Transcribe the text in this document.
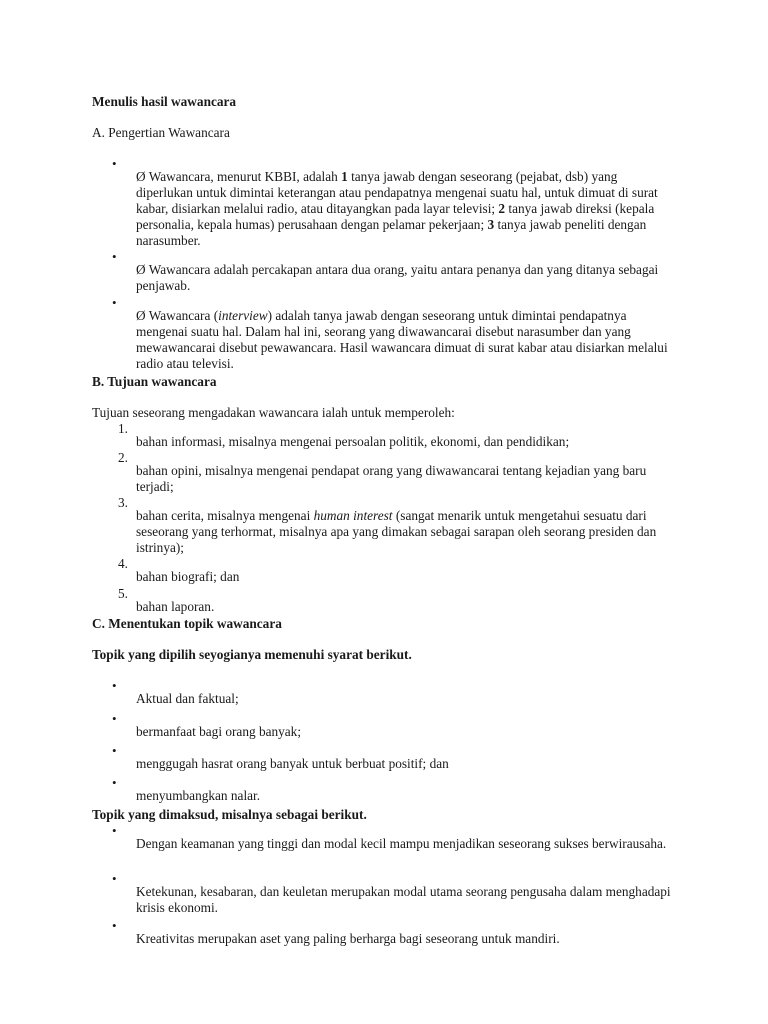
Menulis hasil wawancara

A. Pengertian Wawancara

•

Ø Wawancara, menurut KBBI, adalah 1 tanya jawab dengan seseorang (pejabat, dsb) yang diperlukan untuk dimintai keterangan atau pendapatnya mengenai suatu hal, untuk dimuat di surat kabar, disiarkan melalui radio, atau ditayangkan pada layar televisi; 2 tanya jawab direksi (kepala personalia, kepala humas) perusahaan dengan pelamar pekerjaan; 3 tanya jawab peneliti dengan narasumber.

•

Ø Wawancara adalah percakapan antara dua orang, yaitu antara penanya dan yang ditanya sebagai penjawab.

•

Ø Wawancara (interview) adalah tanya jawab dengan seseorang untuk dimintai pendapatnya mengenai suatu hal. Dalam hal ini, seorang yang diwawancarai disebut narasumber dan yang mewawancarai disebut pewawancara. Hasil wawancara dimuat di surat kabar atau disiarkan melalui radio atau televisi.

B. Tujuan wawancara

Tujuan seseorang mengadakan wawancara ialah untuk memperoleh:

1.

bahan informasi, misalnya mengenai persoalan politik, ekonomi, dan pendidikan;

2.

bahan opini, misalnya mengenai pendapat orang yang diwawancarai tentang kejadian yang baru terjadi;

3.

bahan cerita, misalnya mengenai human interest (sangat menarik untuk mengetahui sesuatu dari seseorang yang terhormat, misalnya apa yang dimakan sebagai sarapan oleh seorang presiden dan istrinya);

4.

bahan biografi; dan

5.

bahan laporan.

C. Menentukan topik wawancara

Topik yang dipilih seyogianya memenuhi syarat berikut.

•

Aktual dan faktual;

•

bermanfaat bagi orang banyak;

•

menggugah hasrat orang banyak untuk berbuat positif; dan

•

menyumbangkan nalar.

Topik yang dimaksud, misalnya sebagai berikut.

•

Dengan keamanan yang tinggi dan modal kecil mampu menjadikan seseorang sukses berwirausaha.

•

Ketekunan, kesabaran, dan keuletan merupakan modal utama seorang pengusaha dalam menghadapi krisis ekonomi.

•

Kreativitas merupakan aset yang paling berharga bagi seseorang untuk mandiri.
